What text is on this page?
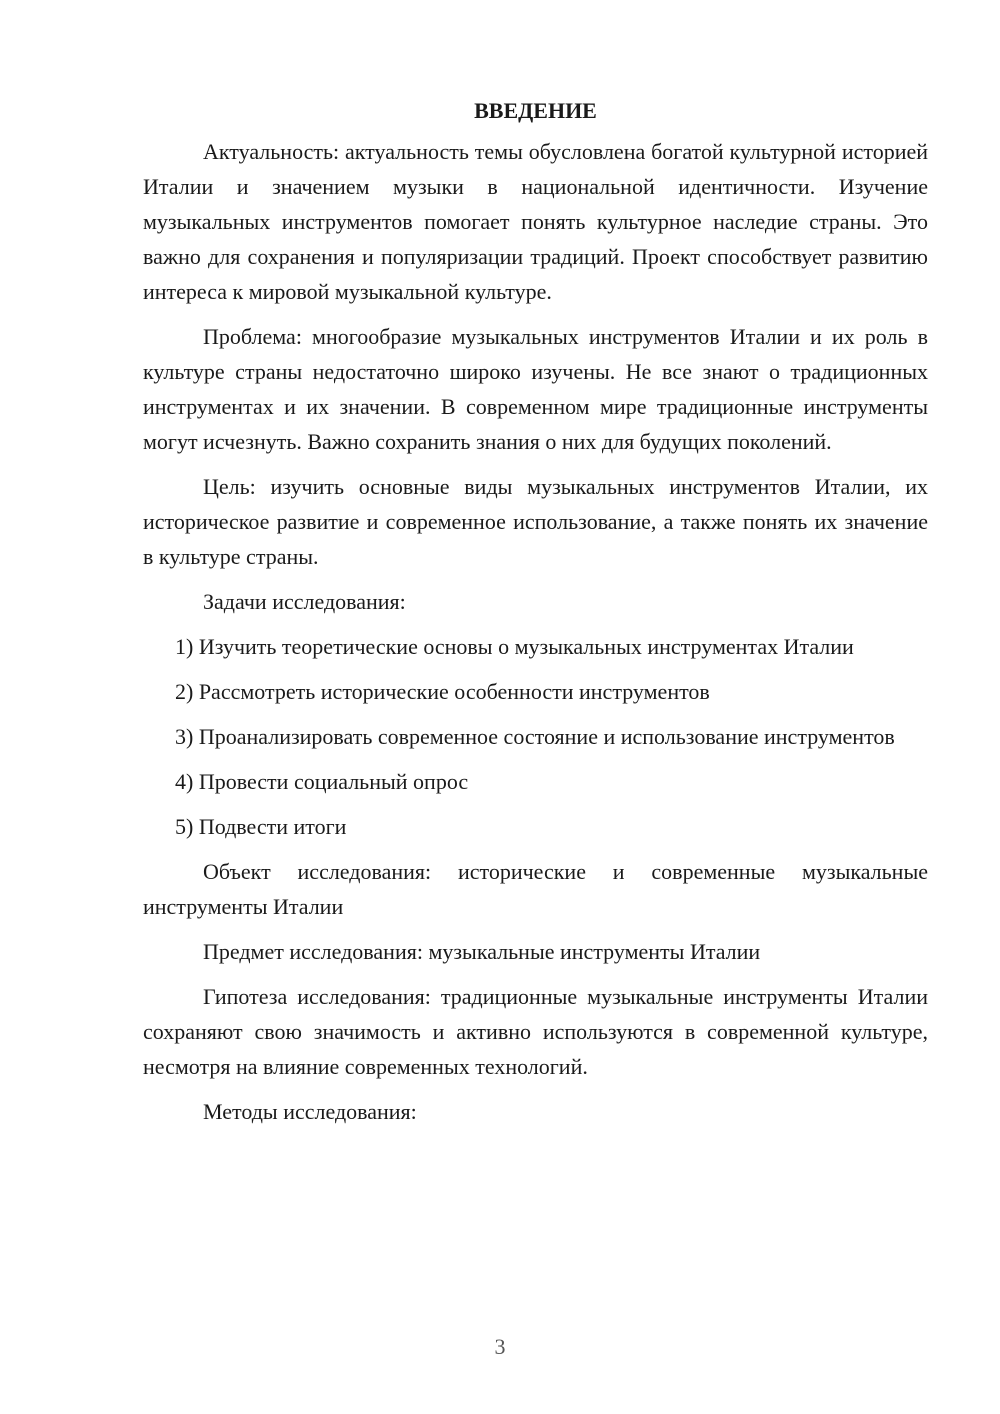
ВВЕДЕНИЕ

Актуальность: актуальность темы обусловлена богатой культурной историей Италии и значением музыки в национальной идентичности. Изучение музыкальных инструментов помогает понять культурное наследие страны. Это важно для сохранения и популяризации традиций. Проект способствует развитию интереса к мировой музыкальной культуре.

Проблема: многообразие музыкальных инструментов Италии и их роль в культуре страны недостаточно широко изучены. Не все знают о традиционных инструментах и их значении. В современном мире традиционные инструменты могут исчезнуть. Важно сохранить знания о них для будущих поколений.

Цель: изучить основные виды музыкальных инструментов Италии, их историческое развитие и современное использование, а также понять их значение в культуре страны.

Задачи исследования:

1) Изучить теоретические основы о музыкальных инструментах Италии

2) Рассмотреть исторические особенности инструментов

3) Проанализировать современное состояние и использование инструментов

4) Провести социальный опрос

5) Подвести итоги

Объект исследования: исторические и современные музыкальные инструменты Италии

Предмет исследования: музыкальные инструменты Италии

Гипотеза исследования: традиционные музыкальные инструменты Италии сохраняют свою значимость и активно используются в современной культуре, несмотря на влияние современных технологий.

Методы исследования:

3
